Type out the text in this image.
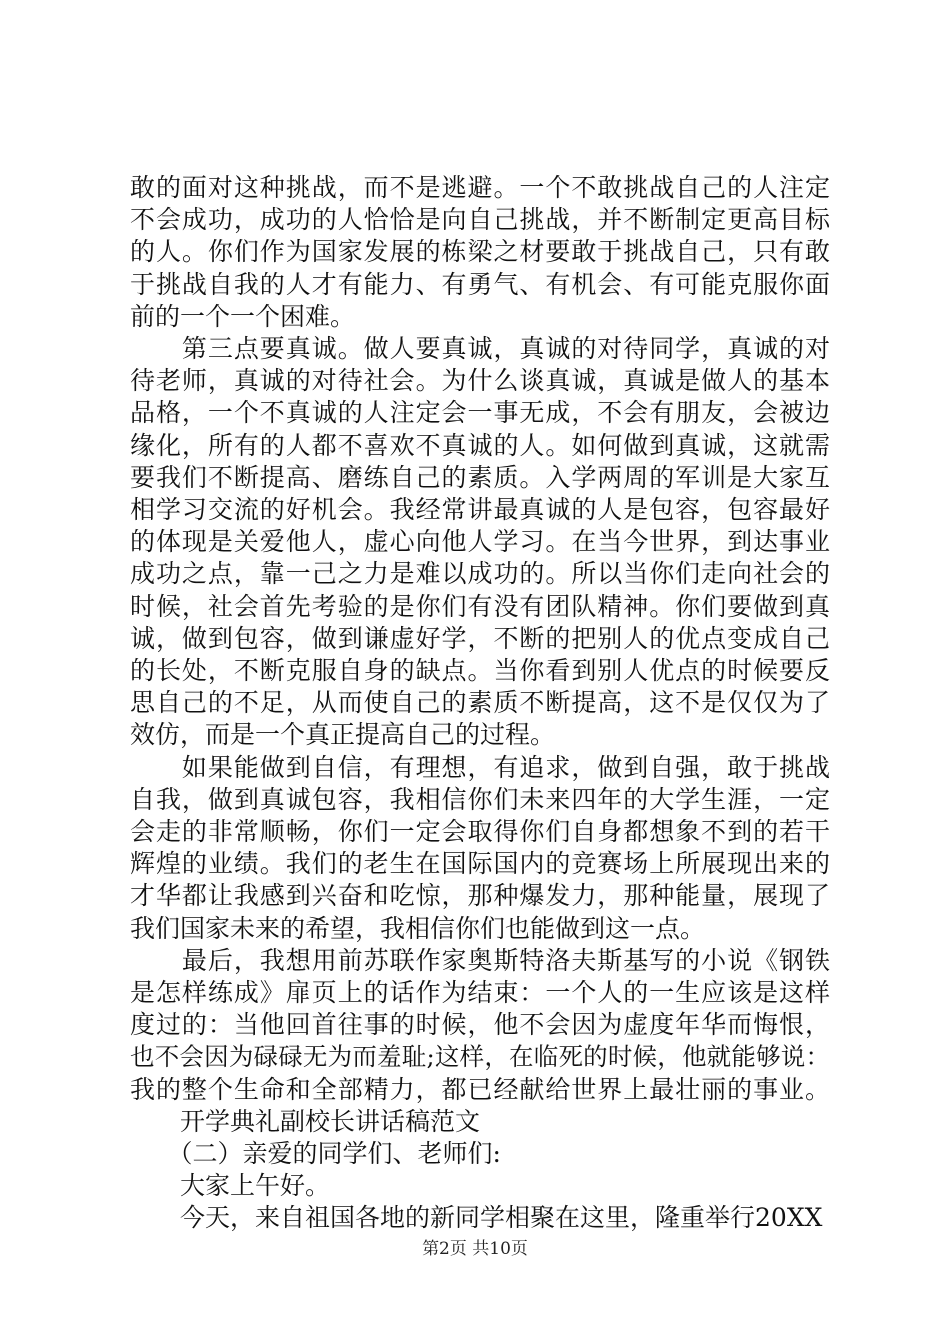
敢的面对这种挑战，而不是逃避。一个不敢挑战自己的人注定
不会成功，成功的人恰恰是向自己挑战，并不断制定更高目标
的人。你们作为国家发展的栋梁之材要敢于挑战自己，只有敢
于挑战自我的人才有能力、有勇气、有机会、有可能克服你面
前的一个一个困难。
　　第三点要真诚。做人要真诚，真诚的对待同学，真诚的对
待老师，真诚的对待社会。为什么谈真诚，真诚是做人的基本
品格，一个不真诚的人注定会一事无成，不会有朋友，会被边
缘化，所有的人都不喜欢不真诚的人。如何做到真诚，这就需
要我们不断提高、磨练自己的素质。入学两周的军训是大家互
相学习交流的好机会。我经常讲最真诚的人是包容，包容最好
的体现是关爱他人，虚心向他人学习。在当今世界，到达事业
成功之点，靠一己之力是难以成功的。所以当你们走向社会的
时候，社会首先考验的是你们有没有团队精神。你们要做到真
诚，做到包容，做到谦虚好学，不断的把别人的优点变成自己
的长处，不断克服自身的缺点。当你看到别人优点的时候要反
思自己的不足，从而使自己的素质不断提高，这不是仅仅为了
效仿，而是一个真正提高自己的过程。
　　如果能做到自信，有理想，有追求，做到自强，敢于挑战
自我，做到真诚包容，我相信你们未来四年的大学生涯，一定
会走的非常顺畅，你们一定会取得你们自身都想象不到的若干
辉煌的业绩。我们的老生在国际国内的竞赛场上所展现出来的
才华都让我感到兴奋和吃惊，那种爆发力，那种能量，展现了
我们国家未来的希望，我相信你们也能做到这一点。
　　最后，我想用前苏联作家奥斯特洛夫斯基写的小说《钢铁
是怎样练成》扉页上的话作为结束：一个人的一生应该是这样
度过的：当他回首往事的时候，他不会因为虚度年华而悔恨，
也不会因为碌碌无为而羞耻;这样，在临死的时候，他就能够说：
我的整个生命和全部精力，都已经献给世界上最壮丽的事业。
　　开学典礼副校长讲话稿范文
　　（二）亲爱的同学们、老师们:
　　大家上午好。
　　今天，来自祖国各地的新同学相聚在这里，隆重举行20XX
第2页 共10页
